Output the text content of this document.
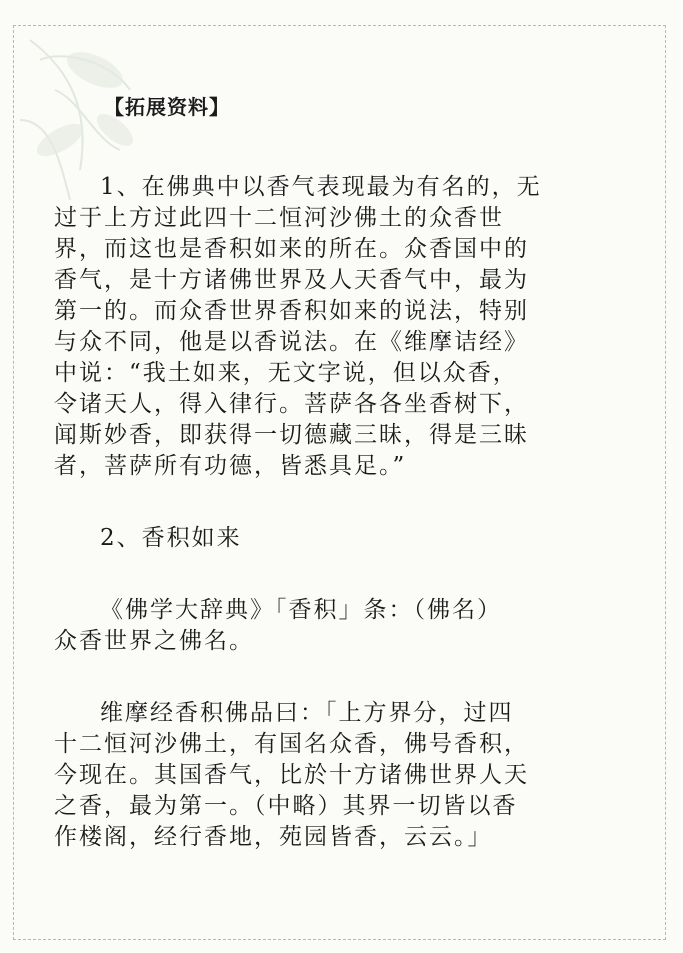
【拓展资料】

1、在佛典中以香气表现最为有名的，无
过于上方过此四十二恒河沙佛土的众香世
界，而这也是香积如来的所在。众香国中的
香气，是十方诸佛世界及人天香气中，最为
第一的。而众香世界香积如来的说法，特别
与众不同，他是以香说法。在《维摩诘经》
中说：“我土如来，无文字说，但以众香，
令诸天人，得入律行。菩萨各各坐香树下，
闻斯妙香，即获得一切德藏三昧，得是三昧
者，菩萨所有功德，皆悉具足。”

2、香积如来

《佛学大辞典》「香积」条：（佛名）
众香世界之佛名。

维摩经香积佛品曰：「上方界分，过四
十二恒河沙佛土，有国名众香，佛号香积，
今现在。其国香气，比於十方诸佛世界人天
之香，最为第一。（中略）其界一切皆以香
作楼阁，经行香地，苑园皆香，云云。」
